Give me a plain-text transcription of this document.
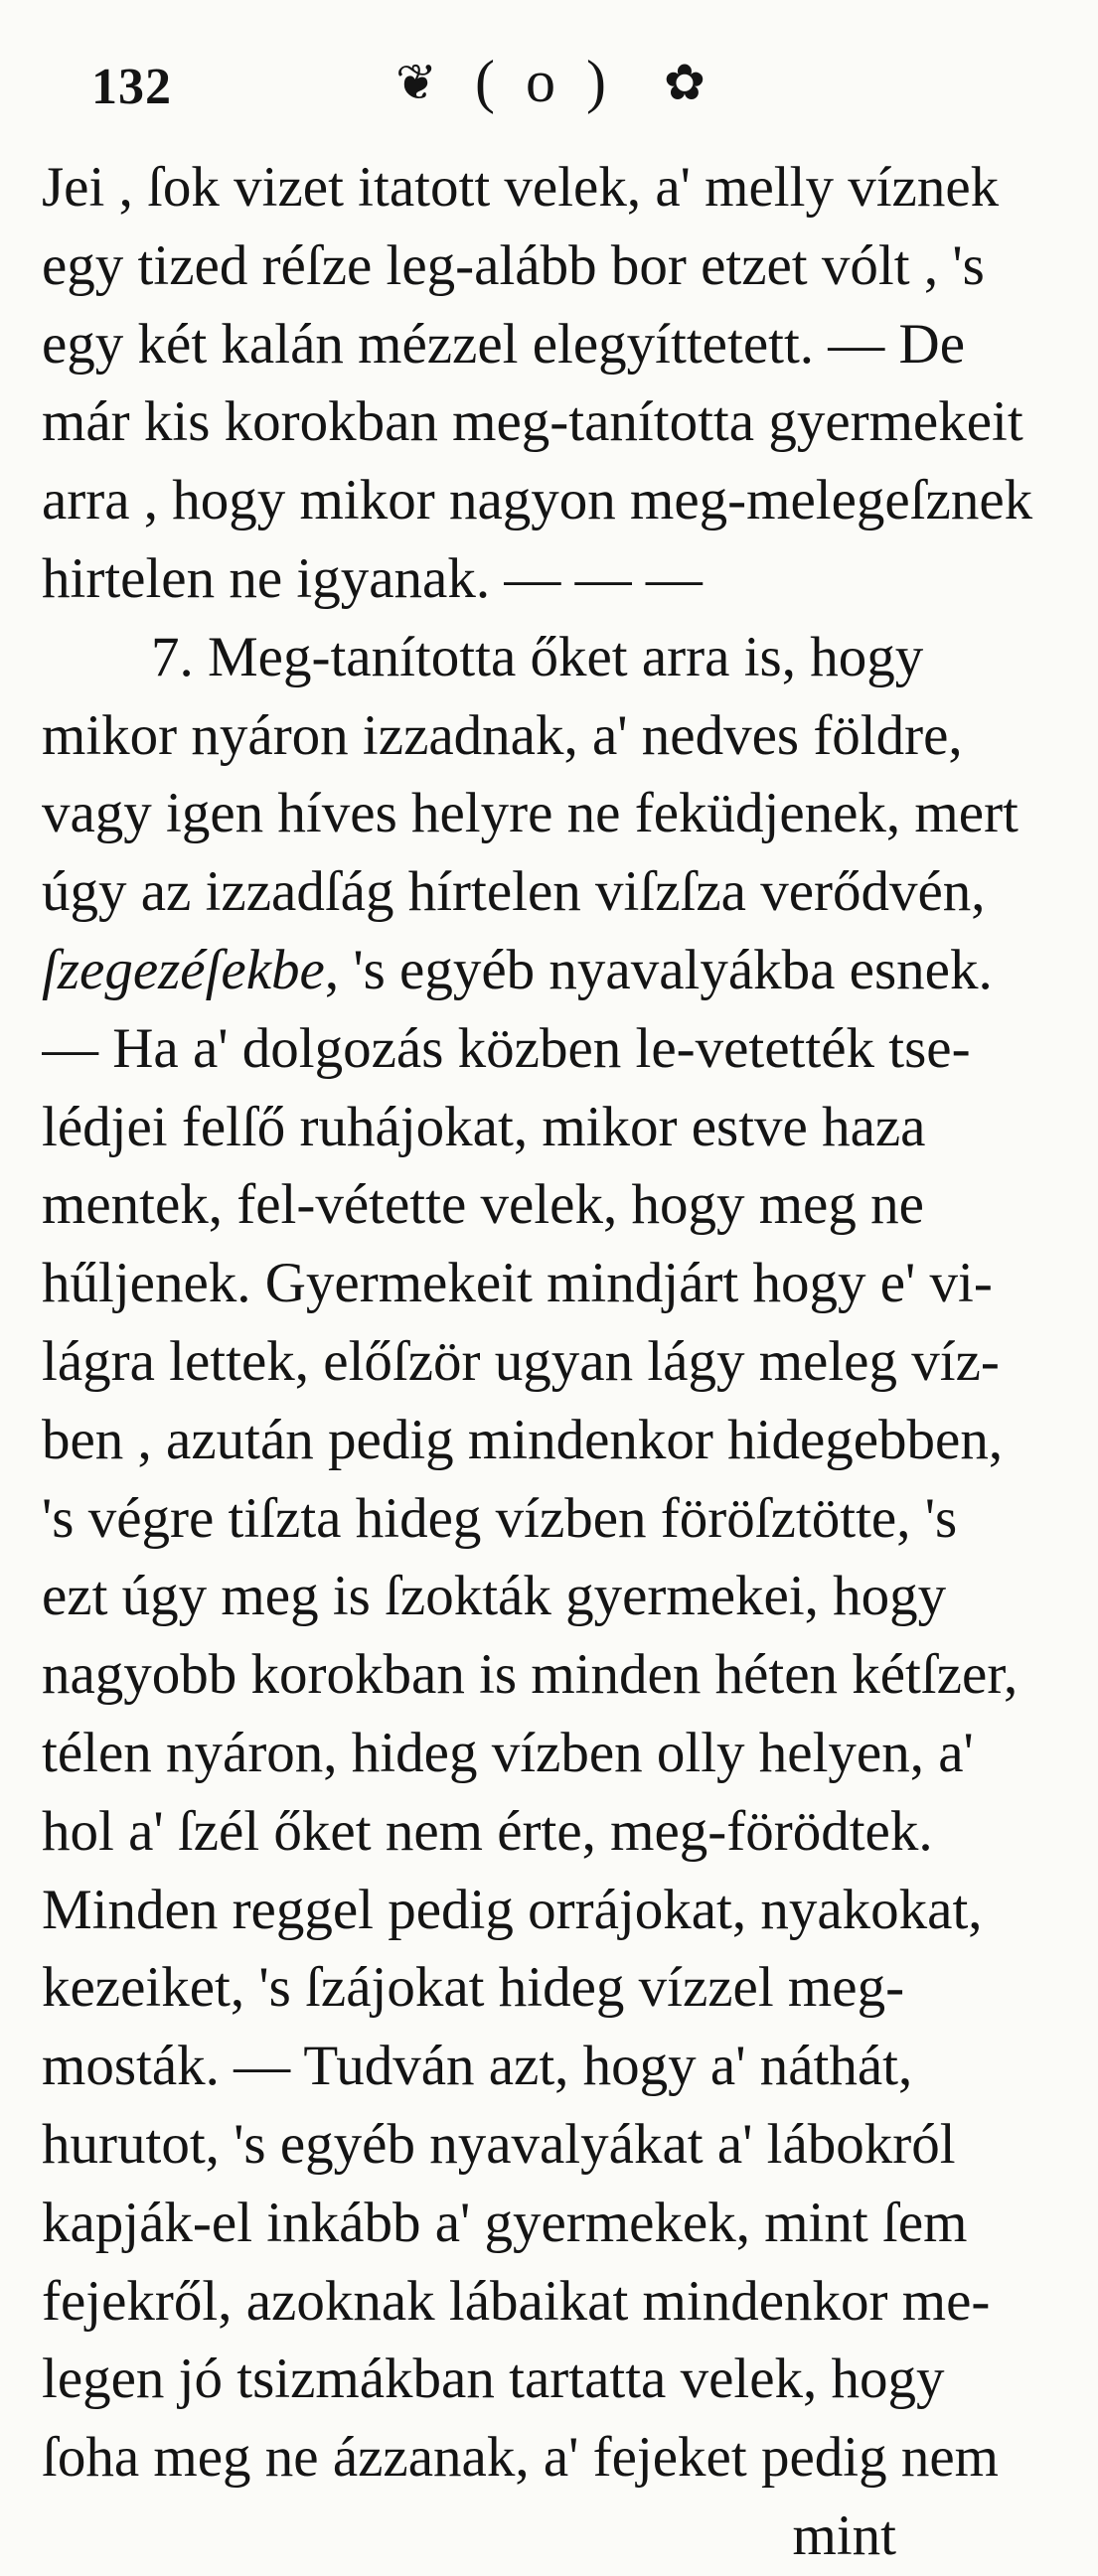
132	❦ ( o ) ✿
Jei , ſok vizet itatott velek, a' melly víznek
egy tized réſze leg-alább bor etzet vólt , 's
egy két kalán mézzel elegyíttetett. — De
már kis korokban meg-tanította gyermekeit
arra , hogy mikor nagyon meg-melegeſznek
hirtelen ne igyanak. — — —
7. Meg-tanította őket arra is, hogy
mikor nyáron izzadnak, a' nedves földre,
vagy igen híves helyre ne feküdjenek, mert
úgy az izzadſág hírtelen viſzſza verődvén,
ſzegezéſekbe, 's egyéb nyavalyákba esnek.
— Ha a' dolgozás közben le-vetették tse-
lédjei felſő ruhájokat, mikor estve haza
mentek, fel-vétette velek, hogy meg ne
hűljenek. Gyermekeit mindjárt hogy e' vi-
lágra lettek, előſzör ugyan lágy meleg víz-
ben , azután pedig mindenkor hidegebben,
's végre tiſzta hideg vízben föröſztötte, 's
ezt úgy meg is ſzokták gyermekei, hogy
nagyobb korokban is minden héten kétſzer,
télen nyáron, hideg vízben olly helyen, a'
hol a' ſzél őket nem érte, meg-förödtek.
Minden reggel pedig orrájokat, nyakokat,
kezeiket, 's ſzájokat hideg vízzel meg-
mosták. — Tudván azt, hogy a' náthát,
hurutot, 's egyéb nyavalyákat a' lábokról
kapják-el inkább a' gyermekek, mint ſem
fejekről, azoknak lábaikat mindenkor me-
legen jó tsizmákban tartatta velek, hogy
ſoha meg ne ázzanak, a' fejeket pedig nem
mint
